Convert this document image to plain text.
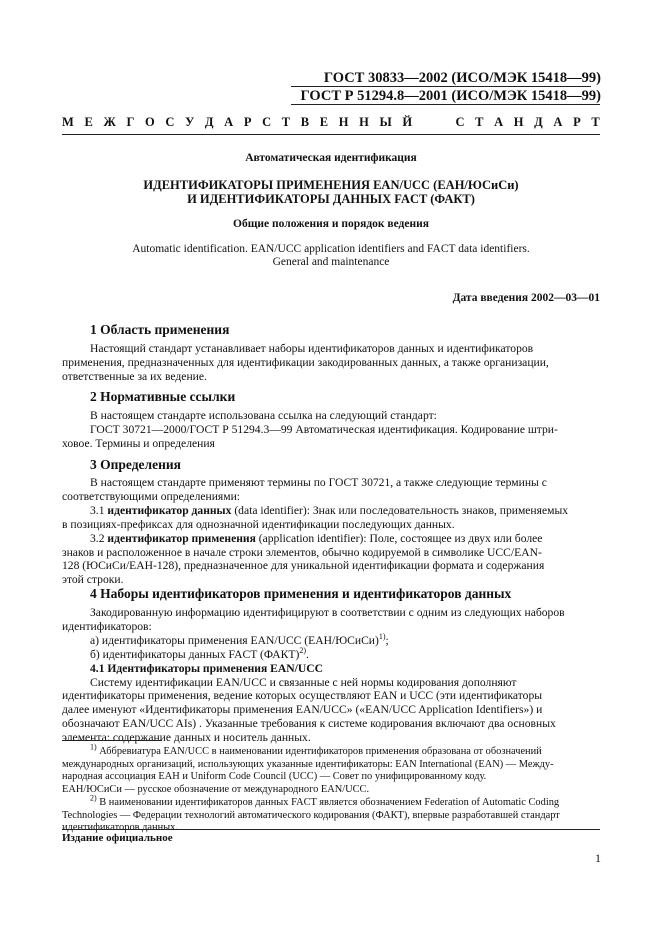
ГОСТ 30833—2002 (ИСО/МЭК 15418—99)
ГОСТ Р 51294.8—2001 (ИСО/МЭК 15418—99)
М Е Ж Г О С У Д А Р С Т В Е Н Н Ы Й	С Т А Н Д А Р Т
Автоматическая идентификация
ИДЕНТИФИКАТОРЫ ПРИМЕНЕНИЯ EAN/UCC (ЕАН/ЮСиСи)
И ИДЕНТИФИКАТОРЫ ДАННЫХ FACT (ФАКТ)
Общие положения и порядок ведения
Automatic identification. EAN/UCC application identifiers and FACT data identifiers.
General and maintenance
Дата введения 2002—03—01
1 Область применения
Настоящий стандарт устанавливает наборы идентификаторов данных и идентификаторов
применения, предназначенных для идентификации закодированных данных, а также организации,
ответственные за их ведение.
2 Нормативные ссылки
В настоящем стандарте использована ссылка на следующий стандарт:
ГОСТ 30721—2000/ГОСТ Р 51294.3—99 Автоматическая идентификация. Кодирование штри-
ховое. Термины и определения
3 Определения
В настоящем стандарте применяют термины по ГОСТ 30721, а также следующие термины с
соответствующими определениями:
3.1 идентификатор данных (data identifier): Знак или последовательность знаков, применяемых
в позициях-префиксах для однозначной идентификации последующих данных.
3.2 идентификатор применения (application identifier): Поле, состоящее из двух или более
знаков и расположенное в начале строки элементов, обычно кодируемой в символике UCC/EAN-
128 (ЮСиСи/ЕАН-128), предназначенное для уникальной идентификации формата и содержания
этой строки.
4 Наборы идентификаторов применения и идентификаторов данных
Закодированную информацию идентифицируют в соответствии с одним из следующих наборов
идентификаторов:
а) идентификаторы применения EAN/UCC (ЕАН/ЮСиСи)$^{1)}$;
б) идентификаторы данных FACT (ФАКТ)$^{2)}$.
4.1 Идентификаторы применения EAN/UCC
Систему идентификации EAN/UCC и связанные с ней нормы кодирования дополняют
идентификаторы применения, ведение которых осуществляют EAN и UCC (эти идентификаторы
далее именуют «Идентификаторы применения EAN/UCC» («EAN/UCC Application Identifiers») и
обозначают EAN/UCC AIs) . Указанные требования к системе кодирования включают два основных
элемента: содержание данных и носитель данных.
$^{1)}$ Аббревиатура EAN/UCC в наименовании идентификаторов применения образована от обозначений
международных организаций, использующих указанные идентификаторы: EAN International (EAN) — Между-
народная ассоциация ЕАН и Uniform Code Council (UCC) — Совет по унифицированному коду.
ЕАН/ЮСиСи — русское обозначение от международного EAN/UCC.
$^{2)}$ В наименовании идентификаторов данных FACT является обозначением Federation of Automatic Coding
Technologies — Федерации технологий автоматического кодирования (ФАКТ), впервые разработавшей стандарт
идентификаторов данных.
Издание официальное
1
